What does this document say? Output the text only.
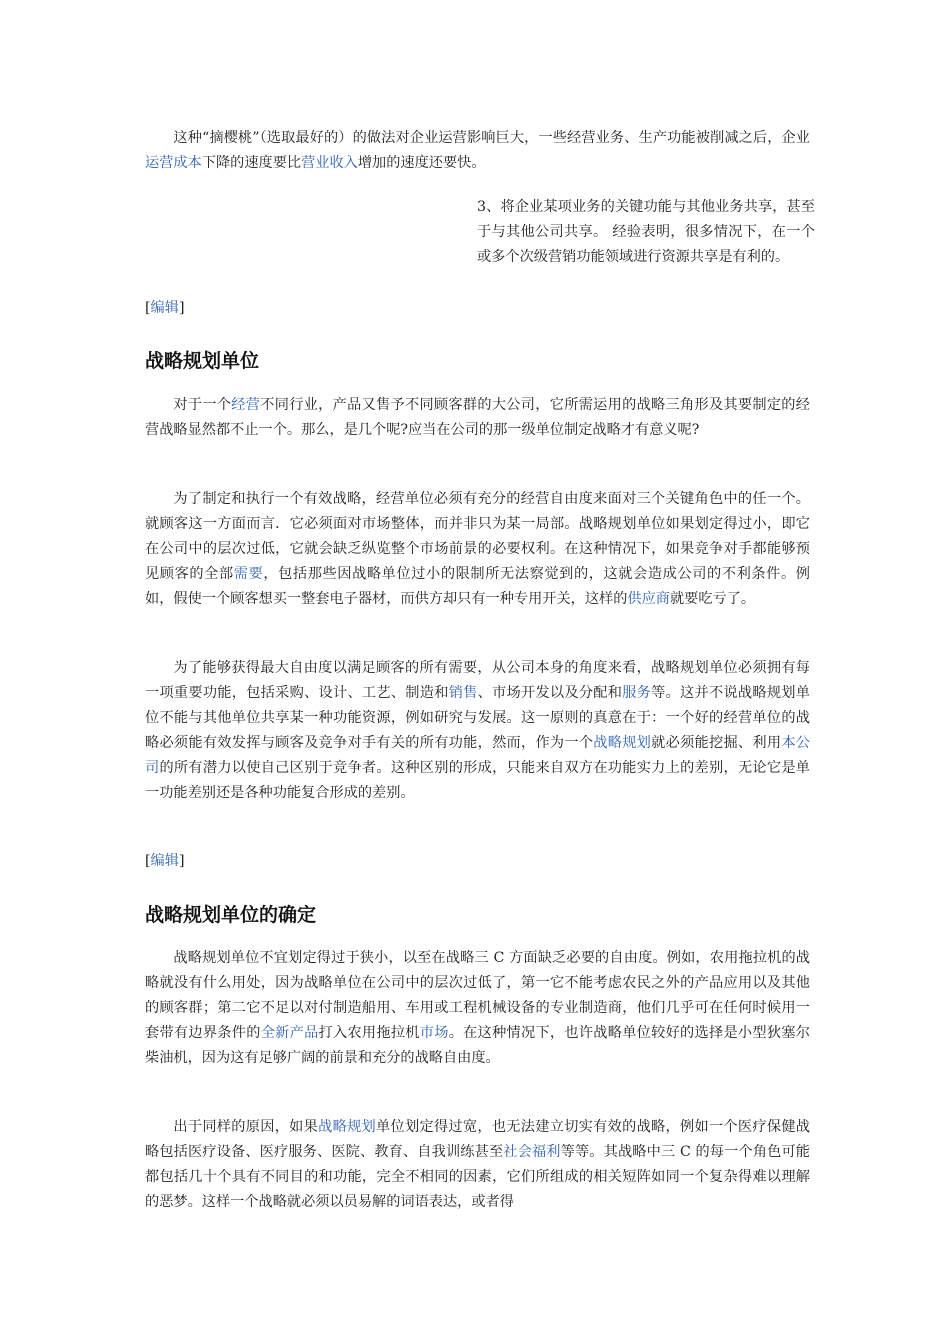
这种“摘樱桃”（选取最好的）的做法对企业运营影响巨大，一些经营业务、生产功能被削减之后，企业运营成本下降的速度要比营业收入增加的速度还要快。

3、将企业某项业务的关键功能与其他业务共享，甚至于与其他公司共享。 经验表明，很多情况下，在一个或多个次级营销功能领域进行资源共享是有利的。

[编辑]

战略规划单位

对于一个经营不同行业，产品又售予不同顾客群的大公司，它所需运用的战略三角形及其要制定的经营战略显然都不止一个。那么，是几个呢?应当在公司的那一级单位制定战略才有意义呢?

为了制定和执行一个有效战略，经营单位必须有充分的经营自由度来面对三个关键角色中的任一个。就顾客这一方面而言．它必须面对市场整体，而并非只为某一局部。战略规划单位如果划定得过小，即它在公司中的层次过低，它就会缺乏纵览整个市场前景的必要权利。在这种情况下，如果竞争对手都能够预见顾客的全部需要，包括那些因战略单位过小的限制所无法察觉到的，这就会造成公司的不利条件。例如，假使一个顾客想买一整套电子器材，而供方却只有一种专用开关，这样的供应商就要吃亏了。

为了能够获得最大自由度以满足顾客的所有需要，从公司本身的角度来看，战略规划单位必须拥有每一项重要功能，包括采购、设计、工艺、制造和销售、市场开发以及分配和服务等。这并不说战略规划单位不能与其他单位共享某一种功能资源，例如研究与发展。这一原则的真意在于：一个好的经营单位的战略必须能有效发挥与顾客及竞争对手有关的所有功能，然而，作为一个战略规划就必须能挖掘、利用本公司的所有潜力以使自己区别于竞争者。这种区别的形成，只能来自双方在功能实力上的差别，无论它是单一功能差别还是各种功能复合形成的差别。

[编辑]

战略规划单位的确定

战略规划单位不宜划定得过于狭小，以至在战略三 C 方面缺乏必要的自由度。例如，农用拖拉机的战略就没有什么用处，因为战略单位在公司中的层次过低了，第一它不能考虑农民之外的产品应用以及其他的顾客群；第二它不足以对付制造船用、车用或工程机械设备的专业制造商，他们几乎可在任何时候用一套带有边界条件的全新产品打入农用拖拉机市场。在这种情况下，也许战略单位较好的选择是小型狄塞尔柴油机，因为这有足够广阔的前景和充分的战略自由度。

出于同样的原因，如果战略规划单位划定得过宽，也无法建立切实有效的战略，例如一个医疗保健战略包括医疗设备、医疗服务、医院、教育、自我训练甚至社会福利等等。其战略中三 C 的每一个角色可能都包括几十个具有不同目的和功能，完全不相同的因素，它们所组成的相关短阵如同一个复杂得难以理解的恶梦。这样一个战略就必须以员易解的词语表达，或者得
